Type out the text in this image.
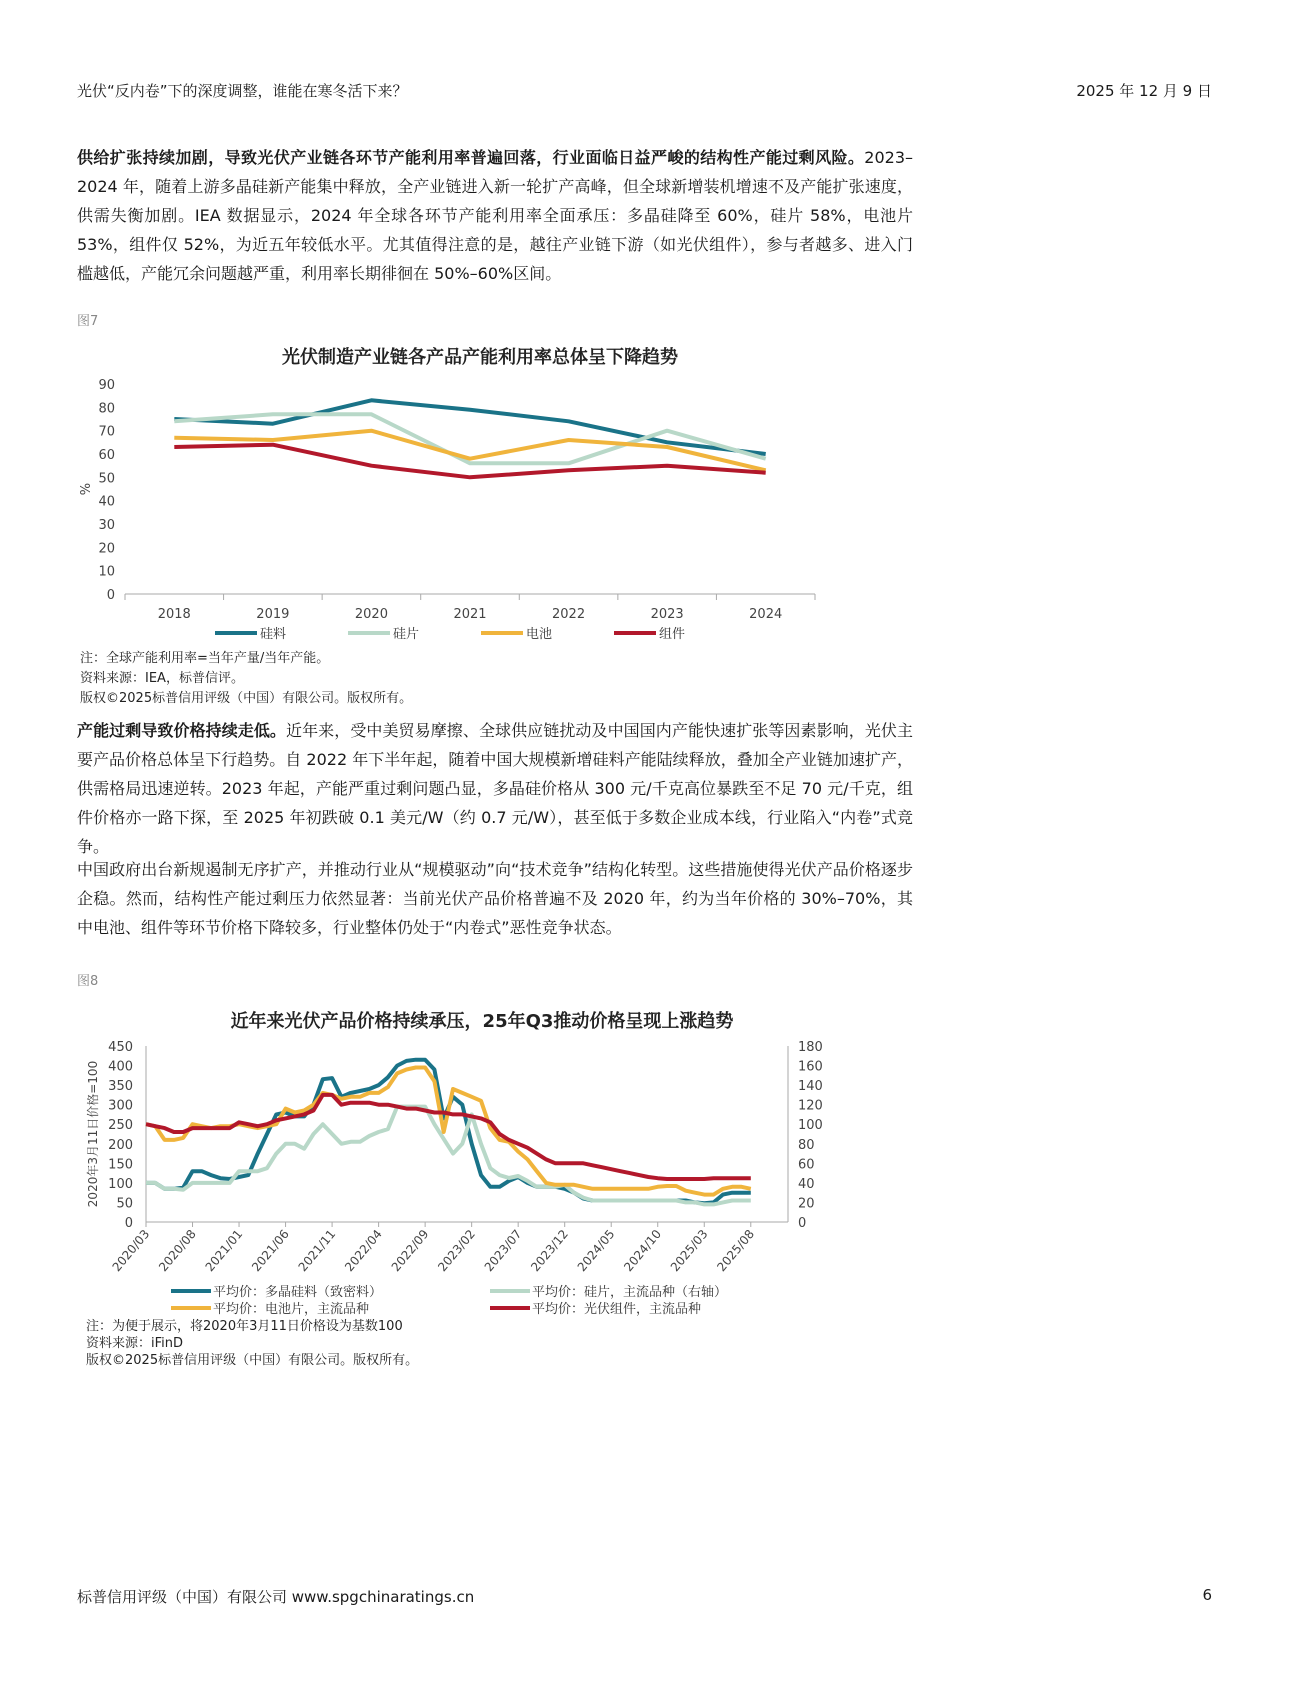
光伏“反内卷”下的深度调整，谁能在寒冬活下来？	2025 年 12 月 9 日
供给扩张持续加剧，导致光伏产业链各环节产能利用率普遍回落，行业面临日益严峻的结构性产能过剩风险。2023–2024 年，随着上游多晶硅新产能集中释放，全产业链进入新一轮扩产高峰，但全球新增装机增速不及产能扩张速度，供需失衡加剧。IEA 数据显示，2024 年全球各环节产能利用率全面承压：多晶硅降至 60%，硅片 58%，电池片 53%，组件仅 52%，为近五年较低水平。尤其值得注意的是，越往产业链下游（如光伏组件），参与者越多、进入门槛越低，产能冗余问题越严重，利用率长期徘徊在 50%–60%区间。
图7
光伏制造产业链各产品产能利用率总体呈下降趋势
0
10
20
30
40
50
60
70
80
90
%
2018	2019	2020	2021	2022	2023	2024
硅料	硅片	电池	组件
注：全球产能利用率=当年产量/当年产能。
资料来源：IEA，标普信评。
版权©2025标普信用评级（中国）有限公司。版权所有。
产能过剩导致价格持续走低。近年来，受中美贸易摩擦、全球供应链扰动及中国国内产能快速扩张等因素影响，光伏主要产品价格总体呈下行趋势。自 2022 年下半年起，随着中国大规模新增硅料产能陆续释放，叠加全产业链加速扩产，供需格局迅速逆转。2023 年起，产能严重过剩问题凸显，多晶硅价格从 300 元/千克高位暴跌至不足 70 元/千克，组件价格亦一路下探，至 2025 年初跌破 0.1 美元/W（约 0.7 元/W），甚至低于多数企业成本线，行业陷入“内卷”式竞争。
中国政府出台新规遏制无序扩产，并推动行业从“规模驱动”向“技术竞争”结构化转型。这些措施使得光伏产品价格逐步企稳。然而，结构性产能过剩压力依然显著：当前光伏产品价格普遍不及 2020 年，约为当年价格的 30%–70%，其中电池、组件等环节价格下降较多，行业整体仍处于“内卷式”恶性竞争状态。
图8
近年来光伏产品价格持续承压，25年Q3推动价格呈现上涨趋势
0
50
100
150
200
250
300
350
400
450
0
20
40
60
80
100
120
140
160
180
2020年3月11日价格=100
2020/03 2020/08 2021/01 2021/06 2021/11 2022/04 2022/09 2023/02 2023/07 2023/12 2024/05 2024/10 2025/03 2025/08
平均价：多晶硅料（致密料）	平均价：硅片，主流品种（右轴）
平均价：电池片，主流品种	平均价：光伏组件，主流品种
注：为便于展示，将2020年3月11日价格设为基数100
资料来源：iFinD
版权©2025标普信用评级（中国）有限公司。版权所有。
标普信用评级（中国）有限公司 www.spgchinaratings.cn	6
